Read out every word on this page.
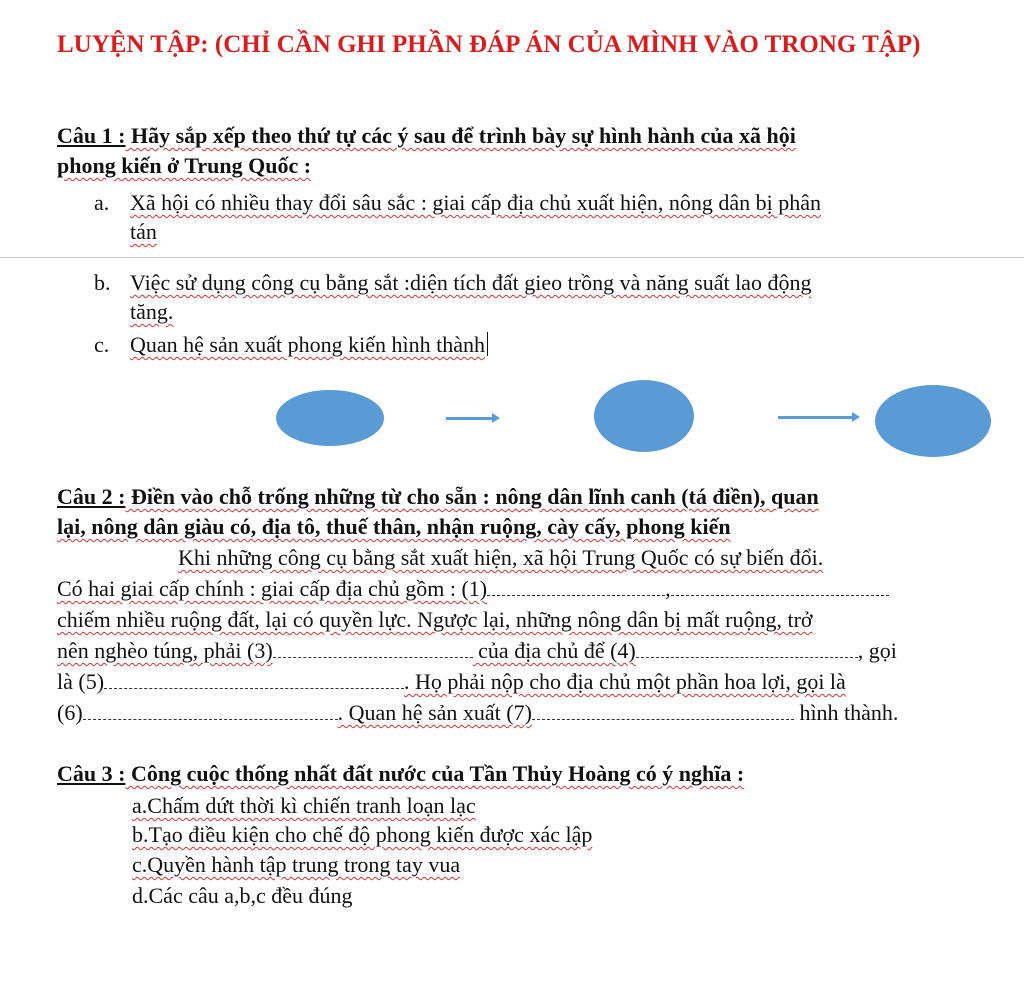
LUYỆN TẬP: (CHỈ CẦN GHI PHẦN ĐÁP ÁN CỦA MÌNH VÀO TRONG TẬP)
Câu 1 : Hãy sắp xếp theo thứ tự các ý sau để trình bày sự hình hành của xã hội
phong kiến ở Trung Quốc :
a. Xã hội có nhiều thay đổi sâu sắc : giai cấp địa chủ xuất hiện, nông dân bị phân
tán
b. Việc sử dụng công cụ bằng sắt :diện tích đất gieo trồng và năng suất lao động
tăng.
c. Quan hệ sản xuất phong kiến hình thành
Câu 2 : Điền vào chỗ trống những từ cho sẵn : nông dân lĩnh canh (tá điền), quan
lại, nông dân giàu có, địa tô, thuế thân, nhận ruộng, cày cấy, phong kiến
Khi những công cụ bằng sắt xuất hiện, xã hội Trung Quốc có sự biến đổi.
Có hai giai cấp chính : giai cấp địa chủ gồm : (1)	,
chiếm nhiều ruộng đất, lại có quyền lực. Ngược lại, những nông dân bị mất ruộng, trở
nên nghèo túng, phải (3)	của địa chủ để (4)	, gọi
là (5)	. Họ phải nộp cho địa chủ một phần hoa lợi, gọi là
(6)	. Quan hệ sản xuất (7)	hình thành.
Câu 3 : Công cuộc thống nhất đất nước của Tần Thủy Hoàng có ý nghĩa :
a.Chấm dứt thời kì chiến tranh loạn lạc
b.Tạo điều kiện cho chế độ phong kiến được xác lập
c.Quyền hành tập trung trong tay vua
d.Các câu a,b,c đều đúng
